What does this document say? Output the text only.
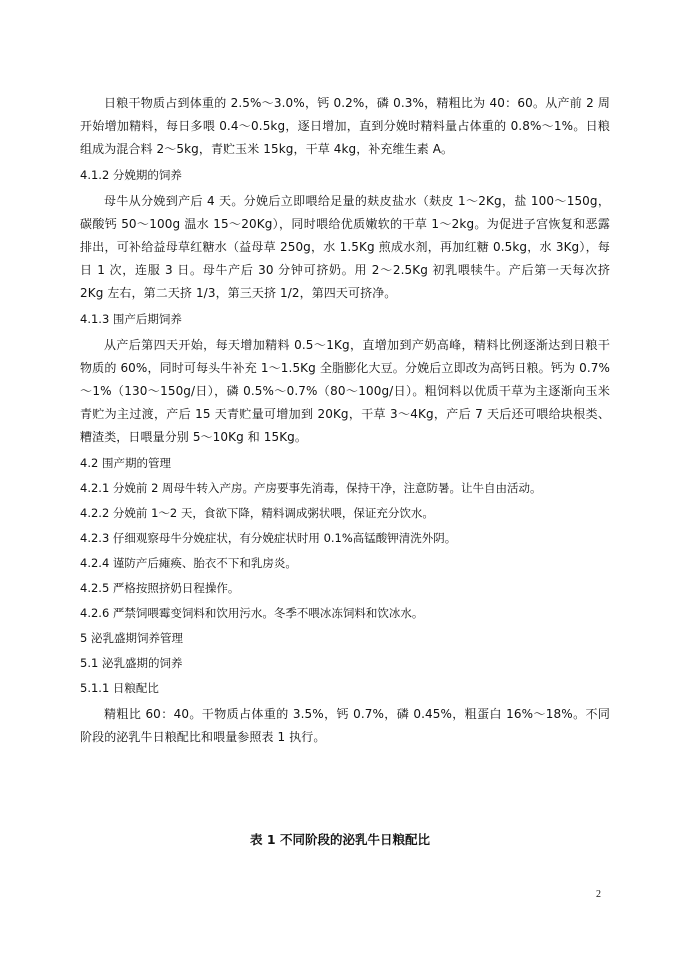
日粮干物质占到体重的 2.5%～3.0%，钙 0.2%，磷 0.3%，精粗比为 40：60。从产前 2 周开始增加精料，每日多喂 0.4～0.5kg，逐日增加，直到分娩时精料量占体重的 0.8%～1%。日粮组成为混合料 2～5kg，青贮玉米 15kg，干草 4kg，补充维生素 A。

4.1.2 分娩期的饲养

母牛从分娩到产后 4 天。分娩后立即喂给足量的麸皮盐水（麸皮 1～2Kg，盐 100～150g，碳酸钙 50～100g 温水 15～20Kg），同时喂给优质嫩软的干草 1～2kg。为促进子宫恢复和恶露排出，可补给益母草红糖水（益母草 250g，水 1.5Kg 煎成水剂，再加红糖 0.5kg，水 3Kg），每日 1 次，连服 3 日。母牛产后 30 分钟可挤奶。用 2～2.5Kg 初乳喂犊牛。产后第一天每次挤 2Kg 左右，第二天挤 1/3，第三天挤 1/2，第四天可挤净。

4.1.3 围产后期饲养

从产后第四天开始，每天增加精料 0.5～1Kg，直增加到产奶高峰，精料比例逐渐达到日粮干物质的 60%，同时可每头牛补充 1～1.5Kg 全脂膨化大豆。分娩后立即改为高钙日粮。钙为 0.7%～1%（130～150g/日），磷 0.5%～0.7%（80～100g/日）。粗饲料以优质干草为主逐渐向玉米青贮为主过渡，产后 15 天青贮量可增加到 20Kg，干草 3～4Kg，产后 7 天后还可喂给块根类、糟渣类，日喂量分别 5～10Kg 和 15Kg。

4.2 围产期的管理

4.2.1 分娩前 2 周母牛转入产房。产房要事先消毒，保持干净，注意防暑。让牛自由活动。

4.2.2 分娩前 1～2 天，食欲下降，精料调成粥状喂，保证充分饮水。

4.2.3 仔细观察母牛分娩症状，有分娩症状时用 0.1%高锰酸钾清洗外阴。

4.2.4 谨防产后瘫痪、胎衣不下和乳房炎。

4.2.5 严格按照挤奶日程操作。

4.2.6 严禁饲喂霉变饲料和饮用污水。冬季不喂冰冻饲料和饮冰水。

5 泌乳盛期饲养管理

5.1 泌乳盛期的饲养

5.1.1 日粮配比

精粗比 60：40。干物质占体重的 3.5%，钙 0.7%，磷 0.45%，粗蛋白 16%～18%。不同阶段的泌乳牛日粮配比和喂量参照表 1 执行。

表 1 不同阶段的泌乳牛日粮配比
2
